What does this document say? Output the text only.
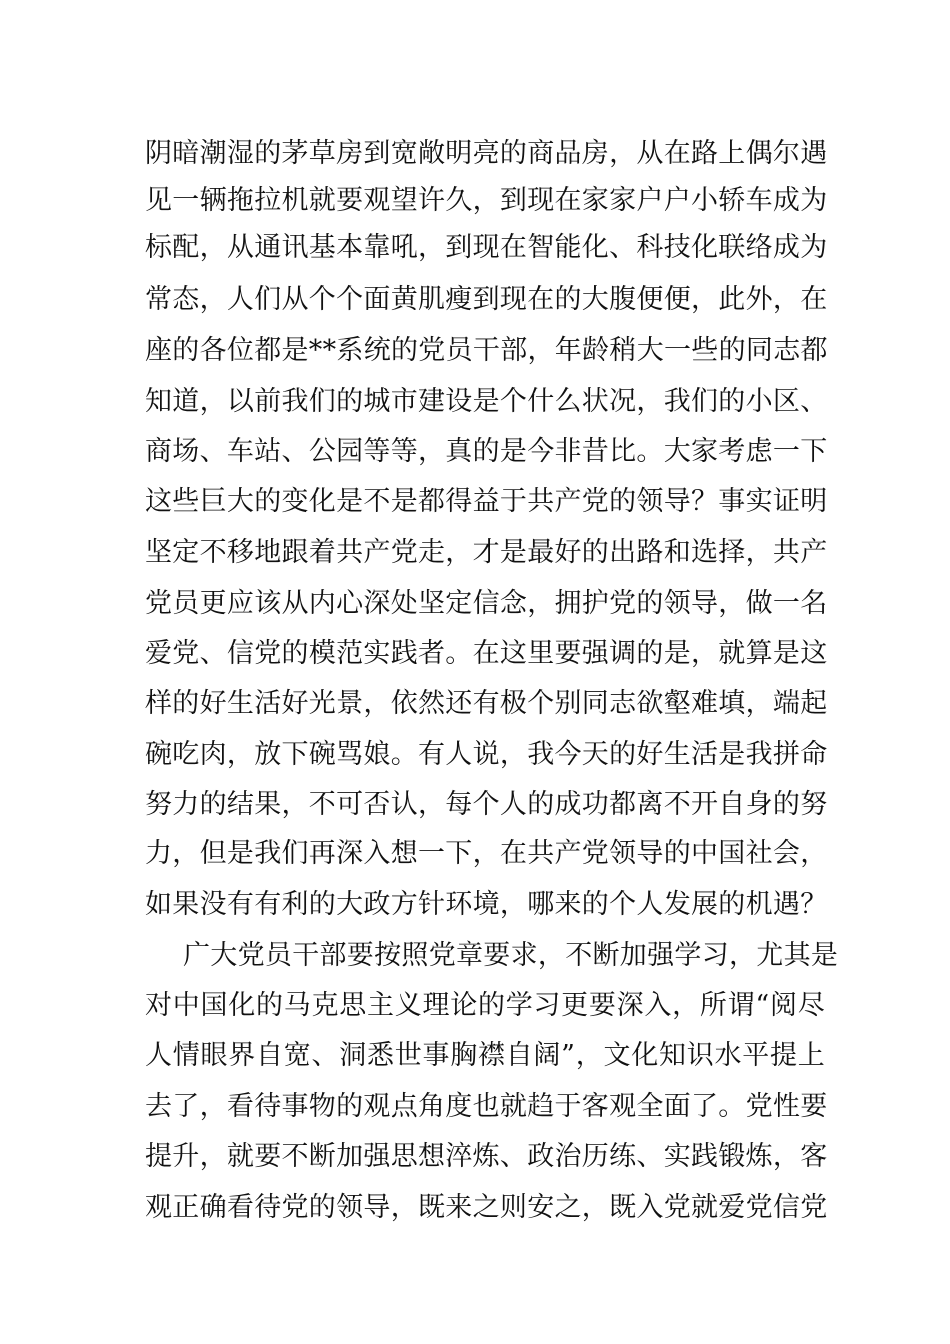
阴暗潮湿的茅草房到宽敞明亮的商品房，从在路上偶尔遇
见一辆拖拉机就要观望许久，到现在家家户户小轿车成为
标配，从通讯基本靠吼，到现在智能化、科技化联络成为
常态，人们从个个面黄肌瘦到现在的大腹便便，此外，在
座的各位都是**系统的党员干部，年龄稍大一些的同志都
知道，以前我们的城市建设是个什么状况，我们的小区、
商场、车站、公园等等，真的是今非昔比。大家考虑一下
这些巨大的变化是不是都得益于共产党的领导？事实证明
坚定不移地跟着共产党走，才是最好的出路和选择，共产
党员更应该从内心深处坚定信念，拥护党的领导，做一名
爱党、信党的模范实践者。在这里要强调的是，就算是这
样的好生活好光景，依然还有极个别同志欲壑难填，端起
碗吃肉，放下碗骂娘。有人说，我今天的好生活是我拼命
努力的结果，不可否认，每个人的成功都离不开自身的努
力，但是我们再深入想一下，在共产党领导的中国社会，
如果没有有利的大政方针环境，哪来的个人发展的机遇？
广大党员干部要按照党章要求，不断加强学习，尤其是
对中国化的马克思主义理论的学习更要深入，所谓“阅尽
人情眼界自宽、洞悉世事胸襟自阔”，文化知识水平提上
去了，看待事物的观点角度也就趋于客观全面了。党性要
提升，就要不断加强思想淬炼、政治历练、实践锻炼，客
观正确看待党的领导，既来之则安之，既入党就爱党信党
